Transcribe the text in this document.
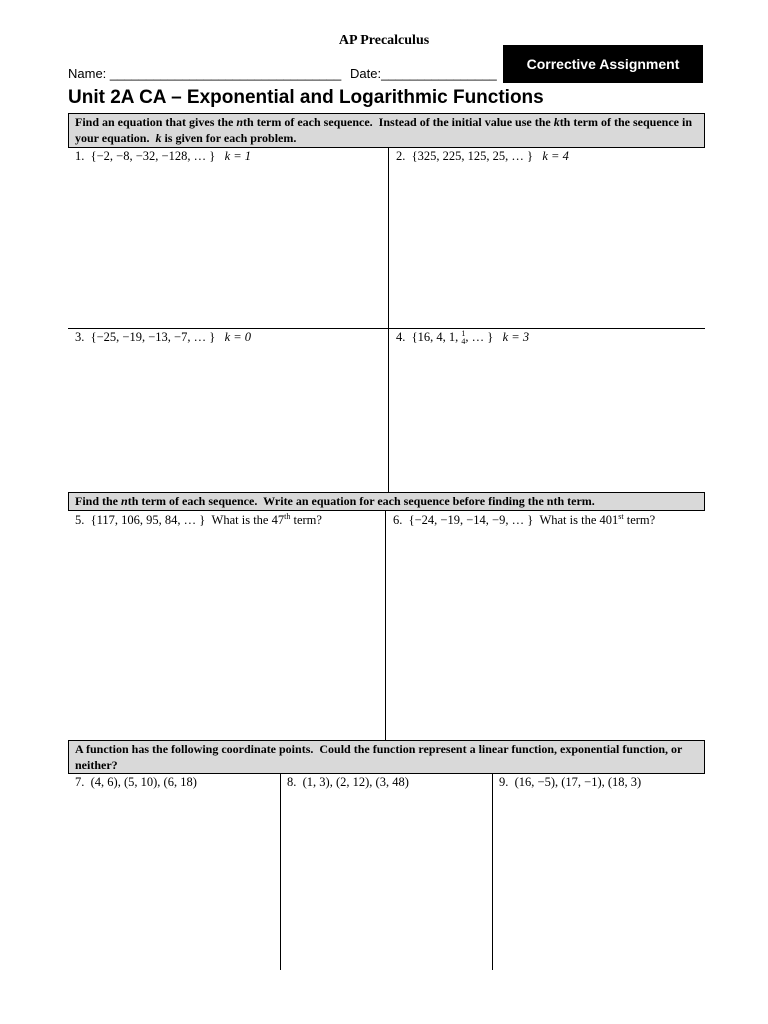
AP Precalculus
Name: ________________________________ Date:________________
Corrective Assignment
Unit 2A CA – Exponential and Logarithmic Functions
Find an equation that gives the nth term of each sequence.  Instead of the initial value use the kth term of the sequence in your equation.  k is given for each problem.
1. {−2, −8, −32, −128, … } k = 1	2. {325, 225, 125, 25, … } k = 4
3. {−25, −19, −13, −7, … } k = 0	4. {16, 4, 1, 1
4, … } k = 3
Find the nth term of each sequence.  Write an equation for each sequence before finding the nth term.
5. {117, 106, 95, 84, … } What is the 47th term?	6. {−24, −19, −14, −9, … } What is the 401st term?
A function has the following coordinate points.  Could the function represent a linear function, exponential function, or neither?
7. (4, 6), (5, 10), (6, 18)	8. (1, 3), (2, 12), (3, 48)	9. (16, −5), (17, −1), (18, 3)
